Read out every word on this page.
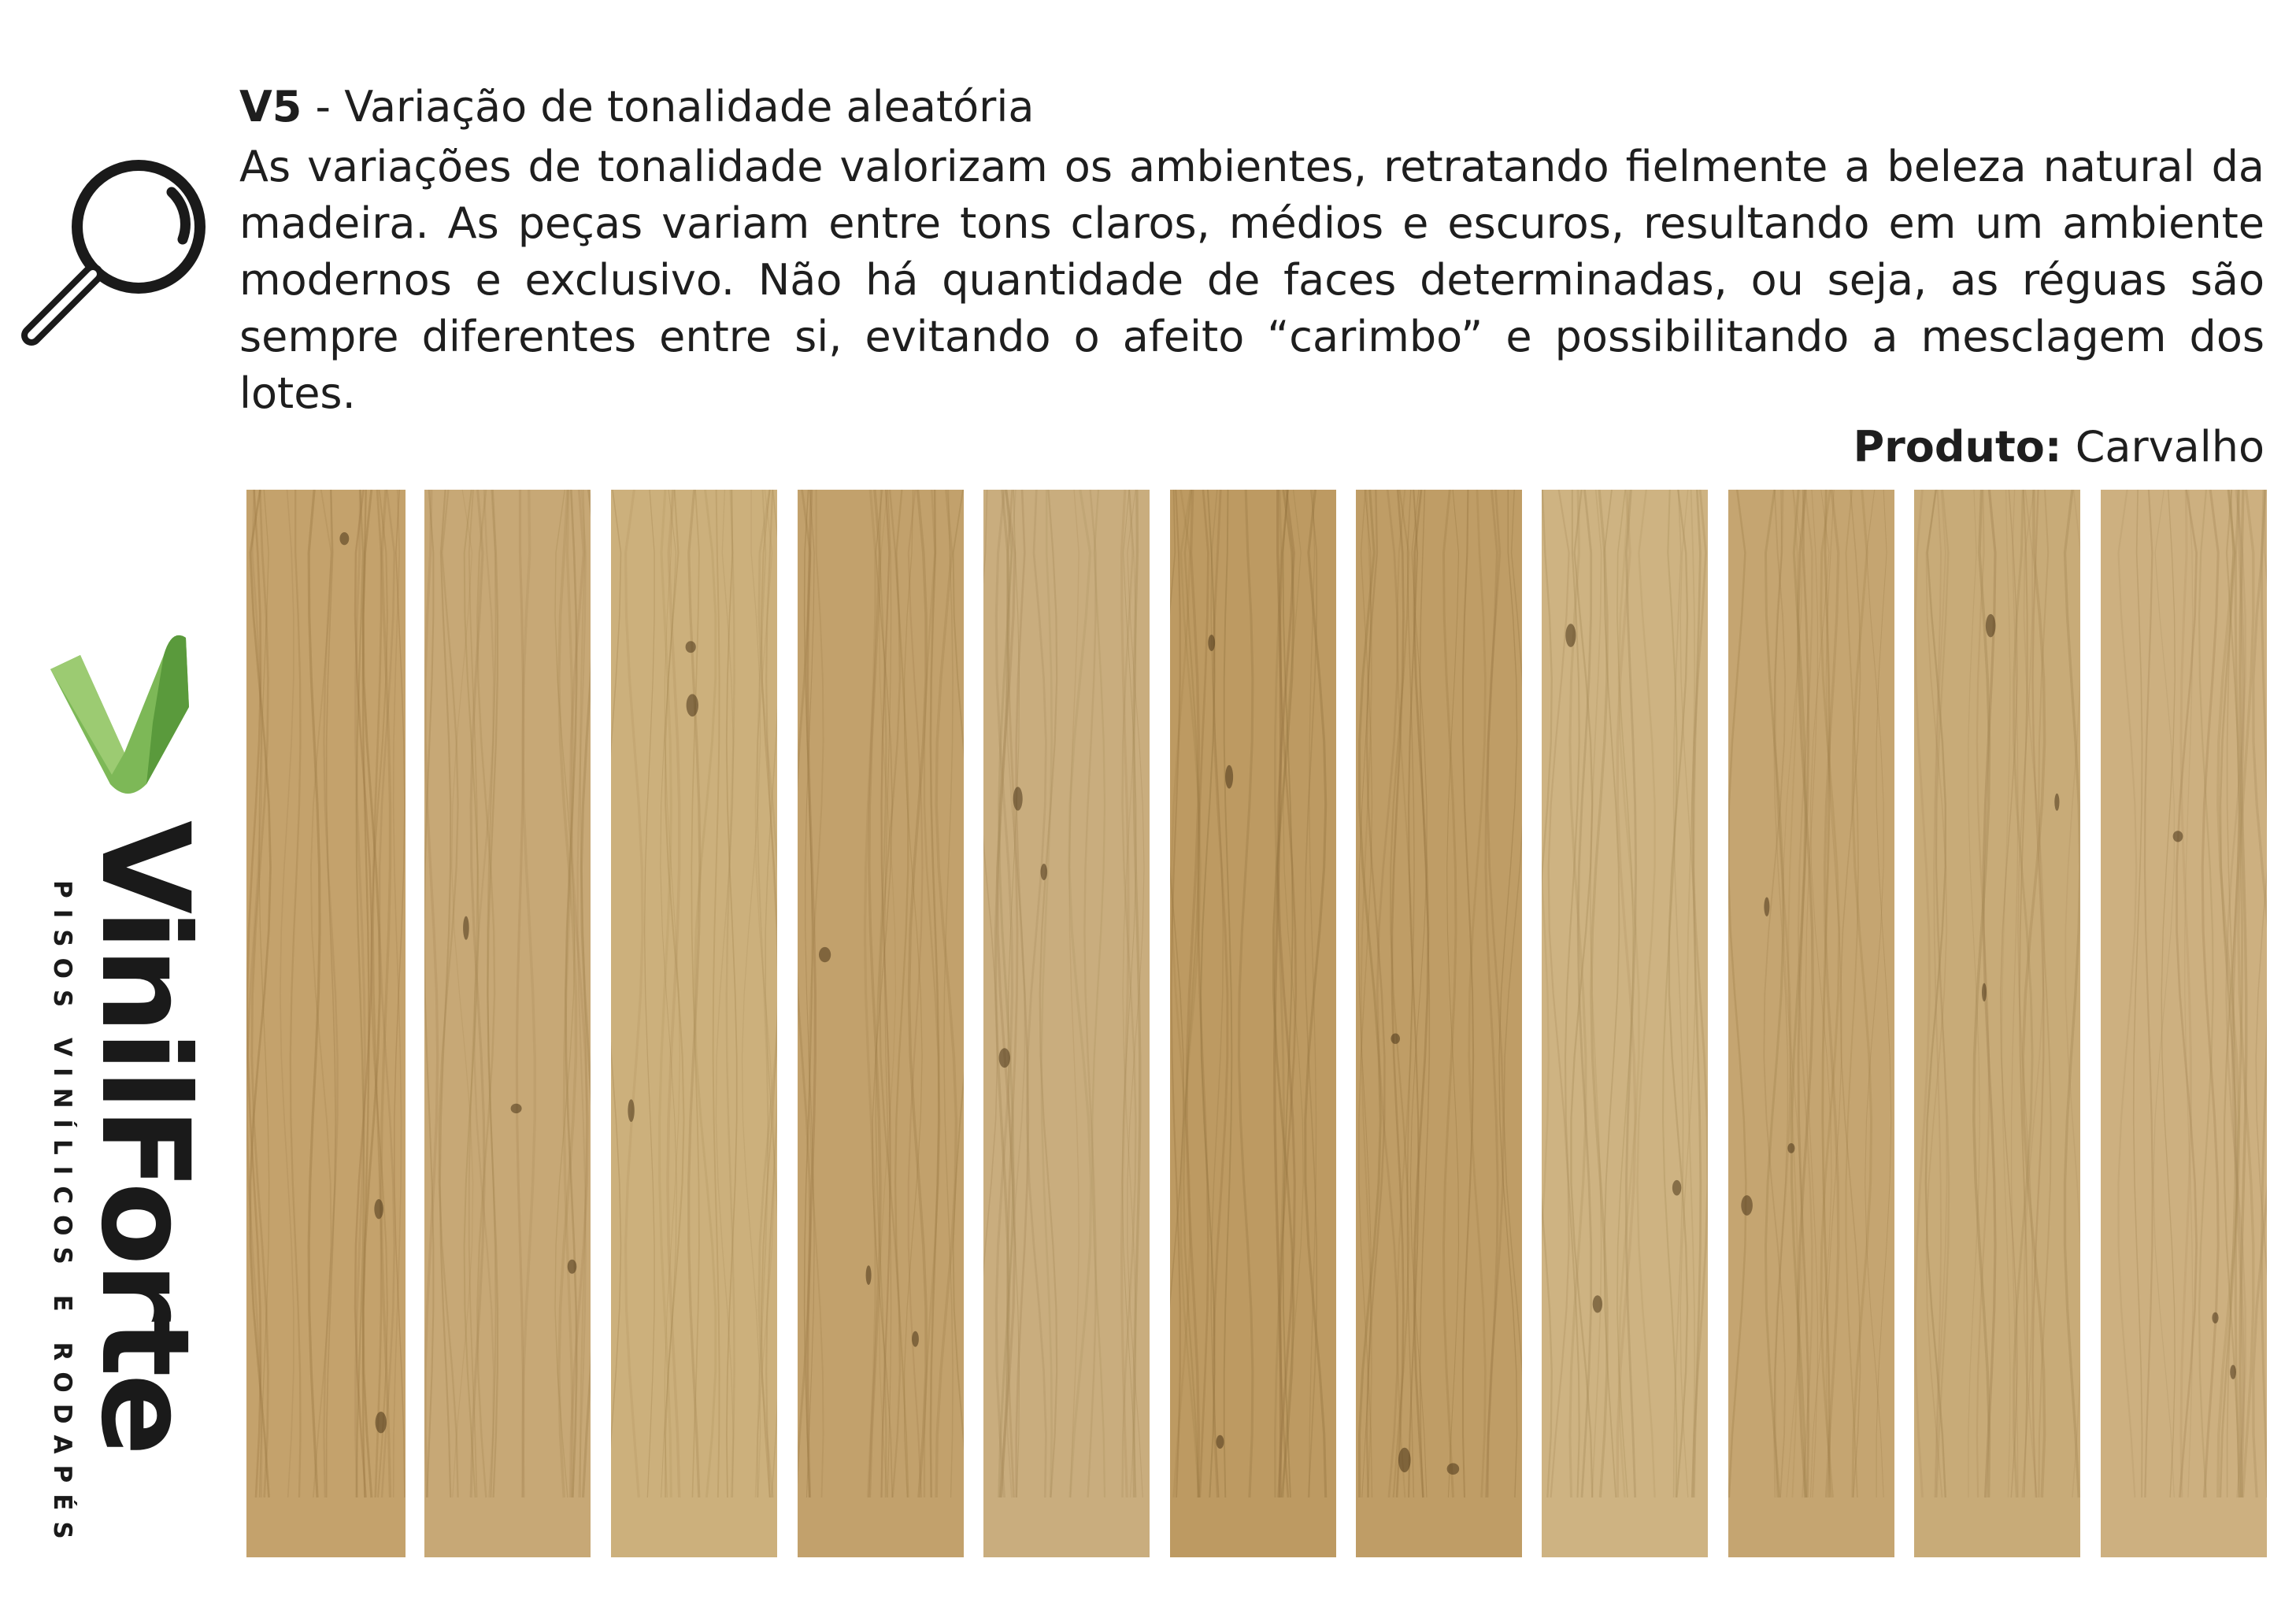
V5 - Variação de tonalidade aleatória

As variações de tonalidade valorizam os ambientes, retratando fielmente a beleza natural da madeira. As peças variam entre tons claros, médios e escuros, resultando em um ambiente modernos e exclusivo. Não há quantidade de faces determinadas, ou seja, as réguas são sempre diferentes entre si, evitando o afeito “carimbo” e possibilitando a mesclagem dos lotes.

Produto: Carvalho
VinilForte
PISOS VINÍLICOS E RODAPÉS
